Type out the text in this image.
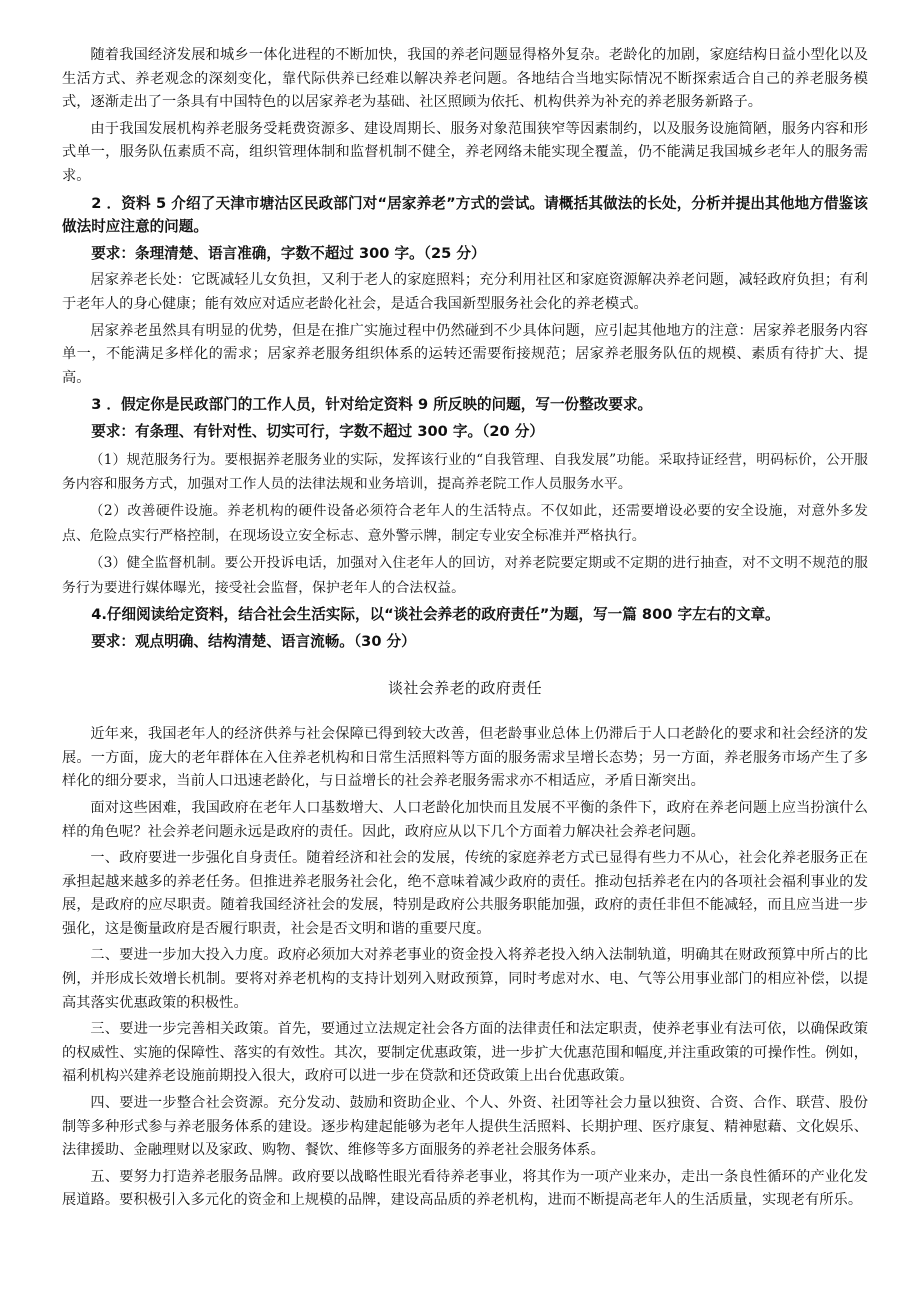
随着我国经济发展和城乡一体化进程的不断加快，我国的养老问题显得格外复杂。老龄化的加剧，家庭结构日益小型化以及生活方式、养老观念的深刻变化，靠代际供养已经难以解决养老问题。各地结合当地实际情况不断探索适合自己的养老服务模式，逐渐走出了一条具有中国特色的以居家养老为基础、社区照顾为依托、机构供养为补充的养老服务新路子。

由于我国发展机构养老服务受耗费资源多、建设周期长、服务对象范围狭窄等因素制约，以及服务设施简陋，服务内容和形式单一，服务队伍素质不高，组织管理体制和监督机制不健全，养老网络未能实现全覆盖，仍不能满足我国城乡老年人的服务需求。

2 ．资料 5 介绍了天津市塘沽区民政部门对“居家养老”方式的尝试。请概括其做法的长处，分析并提出其他地方借鉴该做法时应注意的问题。

要求：条理清楚、语言准确，字数不超过 300 字。（25 分）

居家养老长处：它既减轻儿女负担，又利于老人的家庭照料；充分利用社区和家庭资源解决养老问题，减轻政府负担；有利于老年人的身心健康；能有效应对适应老龄化社会，是适合我国新型服务社会化的养老模式。

居家养老虽然具有明显的优势，但是在推广实施过程中仍然碰到不少具体问题，应引起其他地方的注意：居家养老服务内容单一，不能满足多样化的需求；居家养老服务组织体系的运转还需要衔接规范；居家养老服务队伍的规模、素质有待扩大、提高。

3 ．假定你是民政部门的工作人员，针对给定资料 9 所反映的问题，写一份整改要求。

要求：有条理、有针对性、切实可行，字数不超过 300 字。（20 分）

（1）规范服务行为。要根据养老服务业的实际，发挥该行业的“自我管理、自我发展”功能。采取持证经营，明码标价，公开服务内容和服务方式，加强对工作人员的法律法规和业务培训，提高养老院工作人员服务水平。

（2）改善硬件设施。养老机构的硬件设备必须符合老年人的生活特点。不仅如此，还需要增设必要的安全设施，对意外多发点、危险点实行严格控制，在现场设立安全标志、意外警示牌，制定专业安全标准并严格执行。

（3）健全监督机制。要公开投诉电话，加强对入住老年人的回访，对养老院要定期或不定期的进行抽查，对不文明不规范的服务行为要进行媒体曝光，接受社会监督，保护老年人的合法权益。

4.仔细阅读给定资料，结合社会生活实际，以“谈社会养老的政府责任”为题，写一篇 800 字左右的文章。

要求：观点明确、结构清楚、语言流畅。（30 分）

谈社会养老的政府责任

近年来，我国老年人的经济供养与社会保障已得到较大改善，但老龄事业总体上仍滞后于人口老龄化的要求和社会经济的发展。一方面，庞大的老年群体在入住养老机构和日常生活照料等方面的服务需求呈增长态势；另一方面，养老服务市场产生了多样化的细分要求，当前人口迅速老龄化，与日益增长的社会养老服务需求亦不相适应，矛盾日渐突出。

面对这些困难，我国政府在老年人口基数增大、人口老龄化加快而且发展不平衡的条件下，政府在养老问题上应当扮演什么样的角色呢？社会养老问题永远是政府的责任。因此，政府应从以下几个方面着力解决社会养老问题。

一、政府要进一步强化自身责任。随着经济和社会的发展，传统的家庭养老方式已显得有些力不从心，社会化养老服务正在承担起越来越多的养老任务。但推进养老服务社会化，绝不意味着减少政府的责任。推动包括养老在内的各项社会福利事业的发展，是政府的应尽职责。随着我国经济社会的发展，特别是政府公共服务职能加强，政府的责任非但不能减轻，而且应当进一步强化，这是衡量政府是否履行职责，社会是否文明和谐的重要尺度。

二、要进一步加大投入力度。政府必须加大对养老事业的资金投入将养老投入纳入法制轨道，明确其在财政预算中所占的比例，并形成长效增长机制。要将对养老机构的支持计划列入财政预算，同时考虑对水、电、气等公用事业部门的相应补偿，以提高其落实优惠政策的积极性。

三、要进一步完善相关政策。首先，要通过立法规定社会各方面的法律责任和法定职责，使养老事业有法可依，以确保政策的权威性、实施的保障性、落实的有效性。其次，要制定优惠政策，进一步扩大优惠范围和幅度,并注重政策的可操作性。例如，福利机构兴建养老设施前期投入很大，政府可以进一步在贷款和还贷政策上出台优惠政策。

四、要进一步整合社会资源。充分发动、鼓励和资助企业、个人、外资、社团等社会力量以独资、合资、合作、联营、股份制等多种形式参与养老服务体系的建设。逐步构建起能够为老年人提供生活照料、长期护理、医疗康复、精神慰藉、文化娱乐、法律援助、金融理财以及家政、购物、餐饮、维修等多方面服务的养老社会服务体系。

五、要努力打造养老服务品牌。政府要以战略性眼光看待养老事业，将其作为一项产业来办，走出一条良性循环的产业化发展道路。要积极引入多元化的资金和上规模的品牌，建设高品质的养老机构，进而不断提高老年人的生活质量，实现老有所乐。
